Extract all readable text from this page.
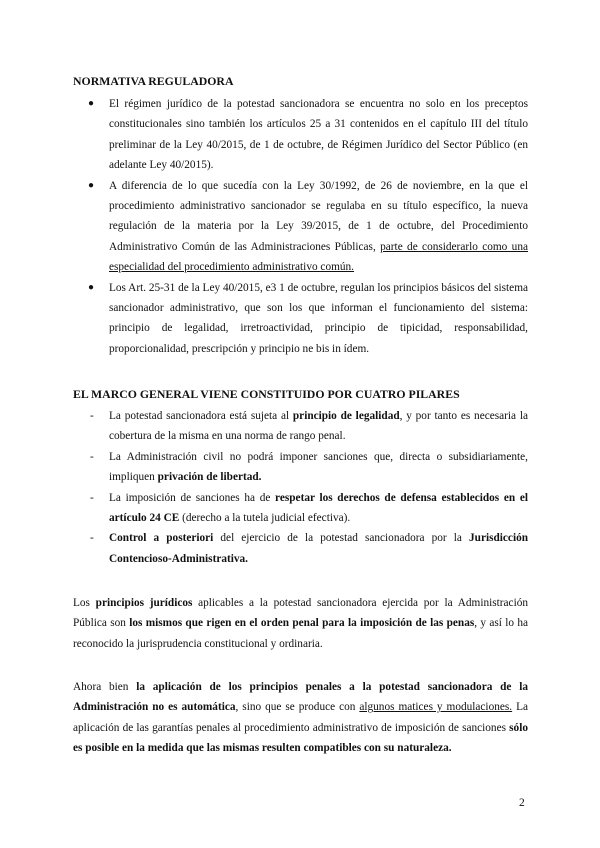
NORMATIVA REGULADORA

● El régimen jurídico de la potestad sancionadora se encuentra no solo en los preceptos constitucionales sino también los artículos 25 a 31 contenidos en el capítulo III del título preliminar de la Ley 40/2015, de 1 de octubre, de Régimen Jurídico del Sector Público (en adelante Ley 40/2015).
● A diferencia de lo que sucedía con la Ley 30/1992, de 26 de noviembre, en la que el procedimiento administrativo sancionador se regulaba en su título específico, la nueva regulación de la materia por la Ley 39/2015, de 1 de octubre, del Procedimiento Administrativo Común de las Administraciones Públicas, parte de considerarlo como una especialidad del procedimiento administrativo común.
● Los Art. 25-31 de la Ley 40/2015, e3 1 de octubre, regulan los principios básicos del sistema sancionador administrativo, que son los que informan el funcionamiento del sistema: principio de legalidad, irretroactividad, principio de tipicidad, responsabilidad, proporcionalidad, prescripción y principio ne bis in ídem.

EL MARCO GENERAL VIENE CONSTITUIDO POR CUATRO PILARES

- La potestad sancionadora está sujeta al principio de legalidad, y por tanto es necesaria la cobertura de la misma en una norma de rango penal.
- La Administración civil no podrá imponer sanciones que, directa o subsidiariamente, impliquen privación de libertad.
- La imposición de sanciones ha de respetar los derechos de defensa establecidos en el artículo 24 CE (derecho a la tutela judicial efectiva).
- Control a posteriori del ejercicio de la potestad sancionadora por la Jurisdicción Contencioso-Administrativa.

Los principios jurídicos aplicables a la potestad sancionadora ejercida por la Administración Pública son los mismos que rigen en el orden penal para la imposición de las penas, y así lo ha reconocido la jurisprudencia constitucional y ordinaria.

Ahora bien la aplicación de los principios penales a la potestad sancionadora de la Administración no es automática, sino que se produce con algunos matices y modulaciones. La aplicación de las garantías penales al procedimiento administrativo de imposición de sanciones sólo es posible en la medida que las mismas resulten compatibles con su naturaleza.

2
